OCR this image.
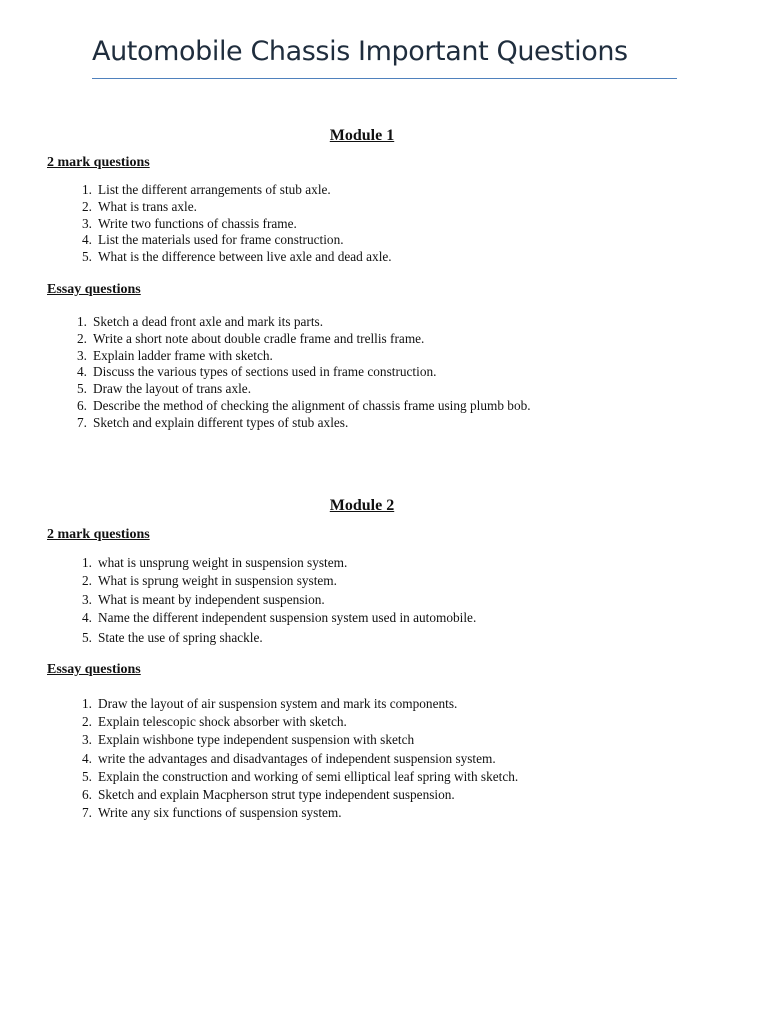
Automobile Chassis Important Questions
Module 1
2 mark questions
1. List the different arrangements of stub axle.
2. What is trans axle.
3. Write two functions of chassis frame.
4. List the materials used for frame construction.
5. What is the difference between live axle and dead axle.
Essay questions
1. Sketch a dead front axle and mark its parts.
2. Write a short note about double cradle frame and trellis frame.
3. Explain ladder frame with sketch.
4. Discuss the various types of sections used in frame construction.
5. Draw the layout of trans axle.
6. Describe the method of checking the alignment of chassis frame using plumb bob.
7. Sketch and explain different types of stub axles.
Module 2
2 mark questions
1. what is unsprung weight in suspension system.
2. What is sprung weight in suspension system.
3. What is meant by independent suspension.
4. Name the different independent suspension system used in automobile.
5. State the use of spring shackle.
Essay questions
1. Draw the layout of air suspension system and mark its components.
2. Explain telescopic shock absorber with sketch.
3. Explain wishbone type independent suspension with sketch
4. write the advantages and disadvantages of independent suspension system.
5. Explain the construction and working of semi elliptical leaf spring with sketch.
6. Sketch and explain Macpherson strut type independent suspension.
7. Write any six functions of suspension system.
